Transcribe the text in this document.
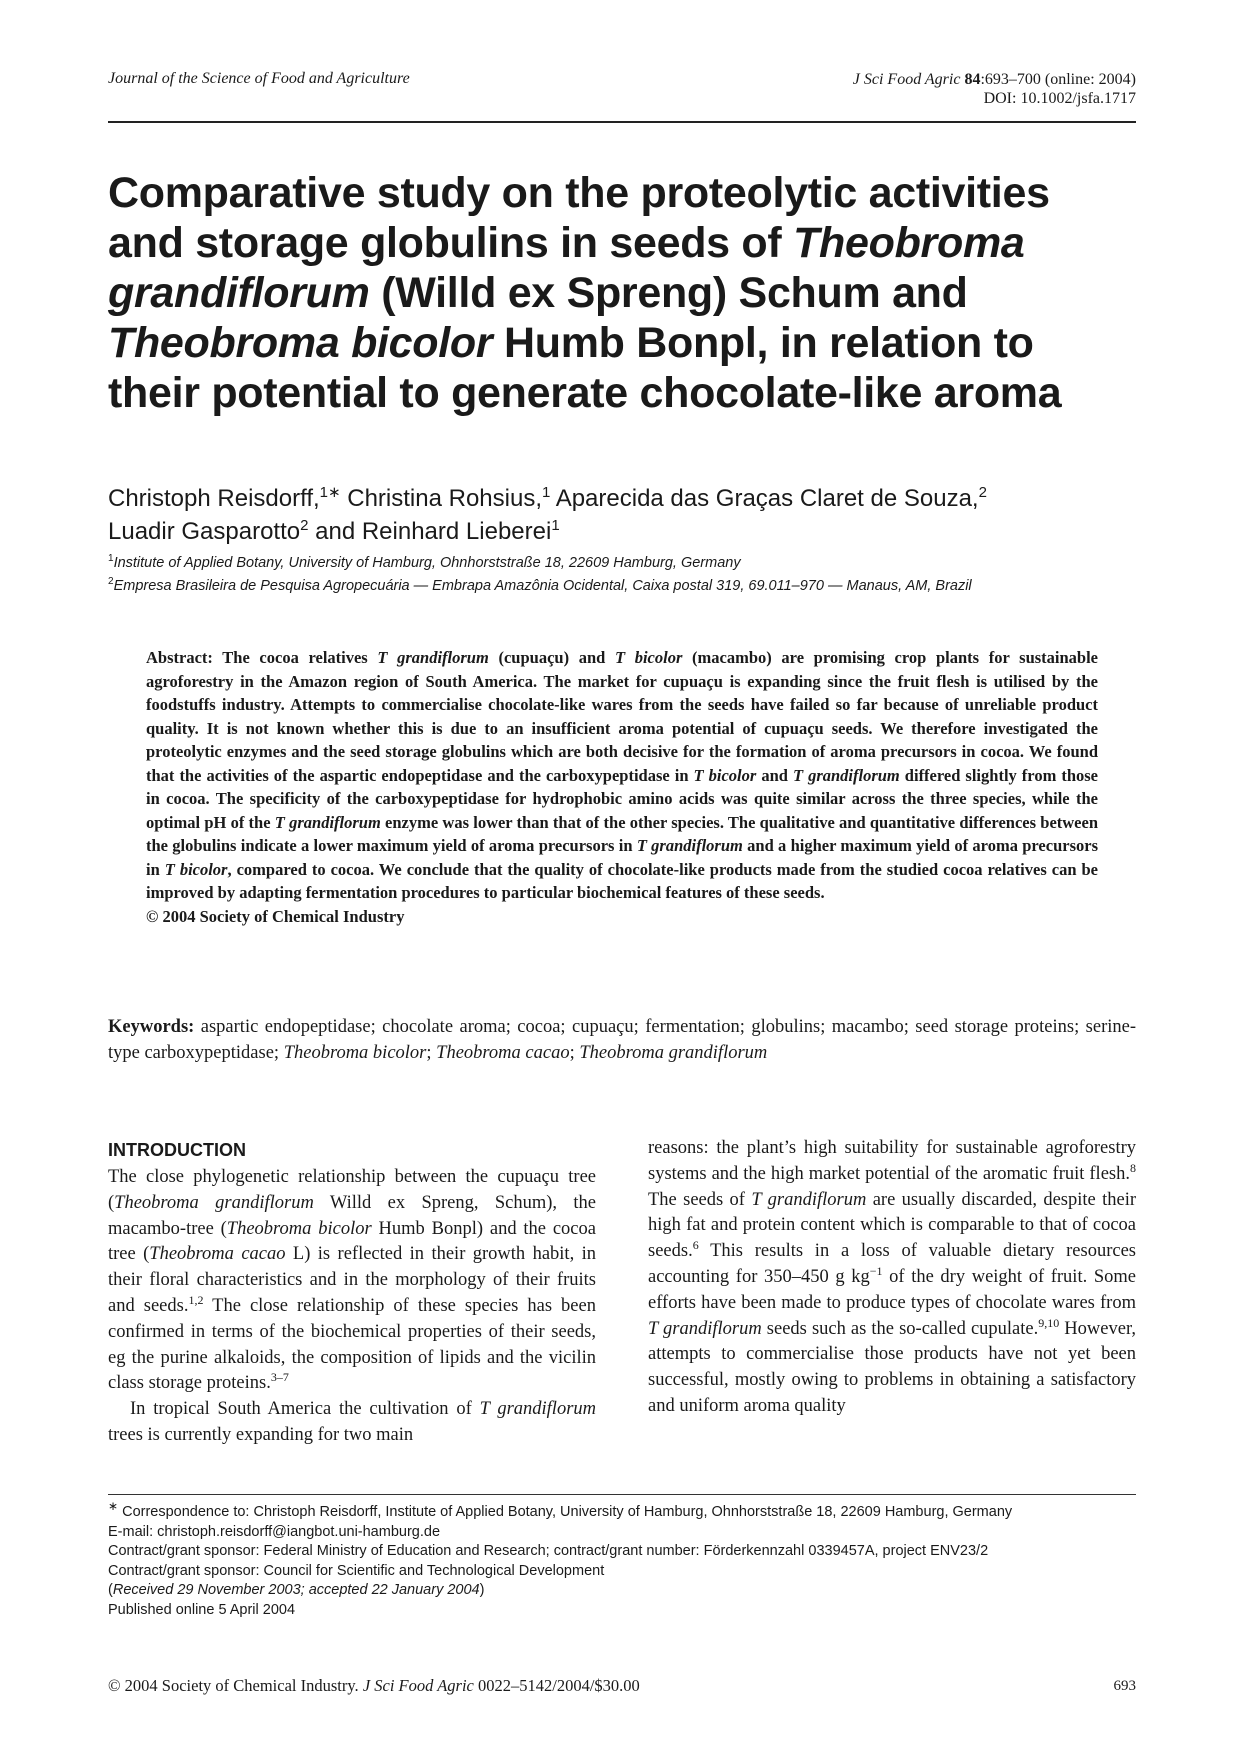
Journal of the Science of Food and Agriculture	J Sci Food Agric 84:693–700 (online: 2004)
DOI: 10.1002/jsfa.1717
Comparative study on the proteolytic activities and storage globulins in seeds of Theobroma grandiflorum (Willd ex Spreng) Schum and Theobroma bicolor Humb Bonpl, in relation to their potential to generate chocolate-like aroma
Christoph Reisdorff,$^{1∗}$ Christina Rohsius,$^1$ Aparecida das Graças Claret de Souza,$^2$
Luadir Gasparotto$^2$ and Reinhard Lieberei$^1$
$^1$Institute of Applied Botany, University of Hamburg, Ohnhorststraße 18, 22609 Hamburg, Germany
$^2$Empresa Brasileira de Pesquisa Agropecuária — Embrapa Amazônia Ocidental, Caixa postal 319, 69.011–970 — Manaus, AM, Brazil

Abstract: The cocoa relatives T grandiflorum (cupuaçu) and T bicolor (macambo) are promising crop plants for sustainable agroforestry in the Amazon region of South America. The market for cupuaçu is expanding since the fruit flesh is utilised by the foodstuffs industry. Attempts to commercialise chocolate-like wares from the seeds have failed so far because of unreliable product quality. It is not known whether this is due to an insufficient aroma potential of cupuaçu seeds. We therefore investigated the proteolytic enzymes and the seed storage globulins which are both decisive for the formation of aroma precursors in cocoa. We found that the activities of the aspartic endopeptidase and the carboxypeptidase in T bicolor and T grandiflorum differed slightly from those in cocoa. The specificity of the carboxypeptidase for hydrophobic amino acids was quite similar across the three species, while the optimal pH of the T grandiflorum enzyme was lower than that of the other species. The qualitative and quantitative differences between the globulins indicate a lower maximum yield of aroma precursors in T grandiflorum and a higher maximum yield of aroma precursors in T bicolor, compared to cocoa. We conclude that the quality of chocolate-like products made from the studied cocoa relatives can be improved by adapting fermentation procedures to particular biochemical features of these seeds.
© 2004 Society of Chemical Industry

Keywords: aspartic endopeptidase; chocolate aroma; cocoa; cupuaçu; fermentation; globulins; macambo; seed storage proteins; serine-type carboxypeptidase; Theobroma bicolor; Theobroma cacao; Theobroma grandiflorum

INTRODUCTION

The close phylogenetic relationship between the cupuaçu tree (Theobroma grandiflorum Willd ex Spreng, Schum), the macambo-tree (Theobroma bicolor Humb Bonpl) and the cocoa tree (Theobroma cacao L) is reflected in their growth habit, in their floral characteristics and in the morphology of their fruits and seeds.$^{1,2}$ The close relationship of these species has been confirmed in terms of the biochemical properties of their seeds, eg the purine alkaloids, the composition of lipids and the vicilin class storage proteins.$^{3-7}$

In tropical South America the cultivation of T grandiflorum trees is currently expanding for two main

reasons: the plant’s high suitability for sustainable agroforestry systems and the high market potential of the aromatic fruit flesh.$^8$ The seeds of T grandiflorum are usually discarded, despite their high fat and protein content which is comparable to that of cocoa seeds.$^6$ This results in a loss of valuable dietary resources accounting for 350–450 g $kg^{-1}$ of the dry weight of fruit. Some efforts have been made to produce types of chocolate wares from T grandiflorum seeds such as the so-called cupulate.$^{9,10}$ However, attempts to commercialise those products have not yet been successful, mostly owing to problems in obtaining a satisfactory and uniform aroma quality

∗ Correspondence to: Christoph Reisdorff, Institute of Applied Botany, University of Hamburg, Ohnhorststraße 18, 22609 Hamburg, Germany
E-mail: christoph.reisdorff@iangbot.uni-hamburg.de
Contract/grant sponsor: Federal Ministry of Education and Research; contract/grant number: Förderkennzahl 0339457A, project ENV23/2
Contract/grant sponsor: Council for Scientific and Technological Development
(Received 29 November 2003; accepted 22 January 2004)
Published online 5 April 2004
© 2004 Society of Chemical Industry. J Sci Food Agric 0022–5142/2004/$30.00	693
